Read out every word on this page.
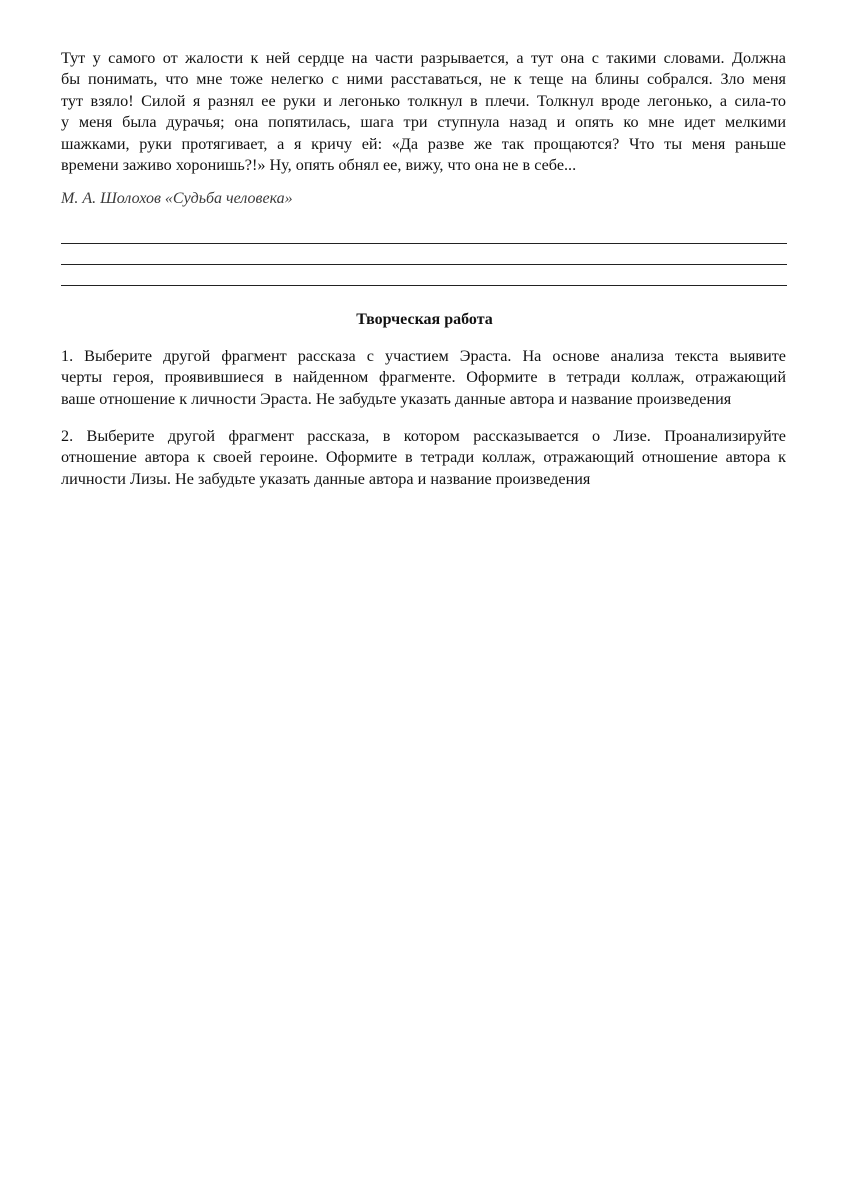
Тут у самого от жалости к ней сердце на части разрывается, а тут она с такими словами. Должна
бы понимать, что мне тоже нелегко с ними расставаться, не к теще на блины собрался. Зло меня
тут взяло! Силой я разнял ее руки и легонько толкнул в плечи. Толкнул вроде легонько, а сила-то
у меня была дурачья; она попятилась, шага три ступнула назад и опять ко мне идет мелкими
шажками, руки протягивает, а я кричу ей: «Да разве же так прощаются? Что ты меня раньше
времени заживо хоронишь?!» Ну, опять обнял ее, вижу, что она не в себе...

М. А. Шолохов «Судьба человека»

Творческая работа

1. Выберите другой фрагмент рассказа с участием Эраста. На основе анализа текста выявите
черты героя, проявившиеся в найденном фрагменте. Оформите в тетради коллаж, отражающий
ваше отношение к личности Эраста. Не забудьте указать данные автора и название произведения

2. Выберите другой фрагмент рассказа, в котором рассказывается о Лизе. Проанализируйте
отношение автора к своей героине. Оформите в тетради коллаж, отражающий отношение автора к
личности Лизы. Не забудьте указать данные автора и название произведения
